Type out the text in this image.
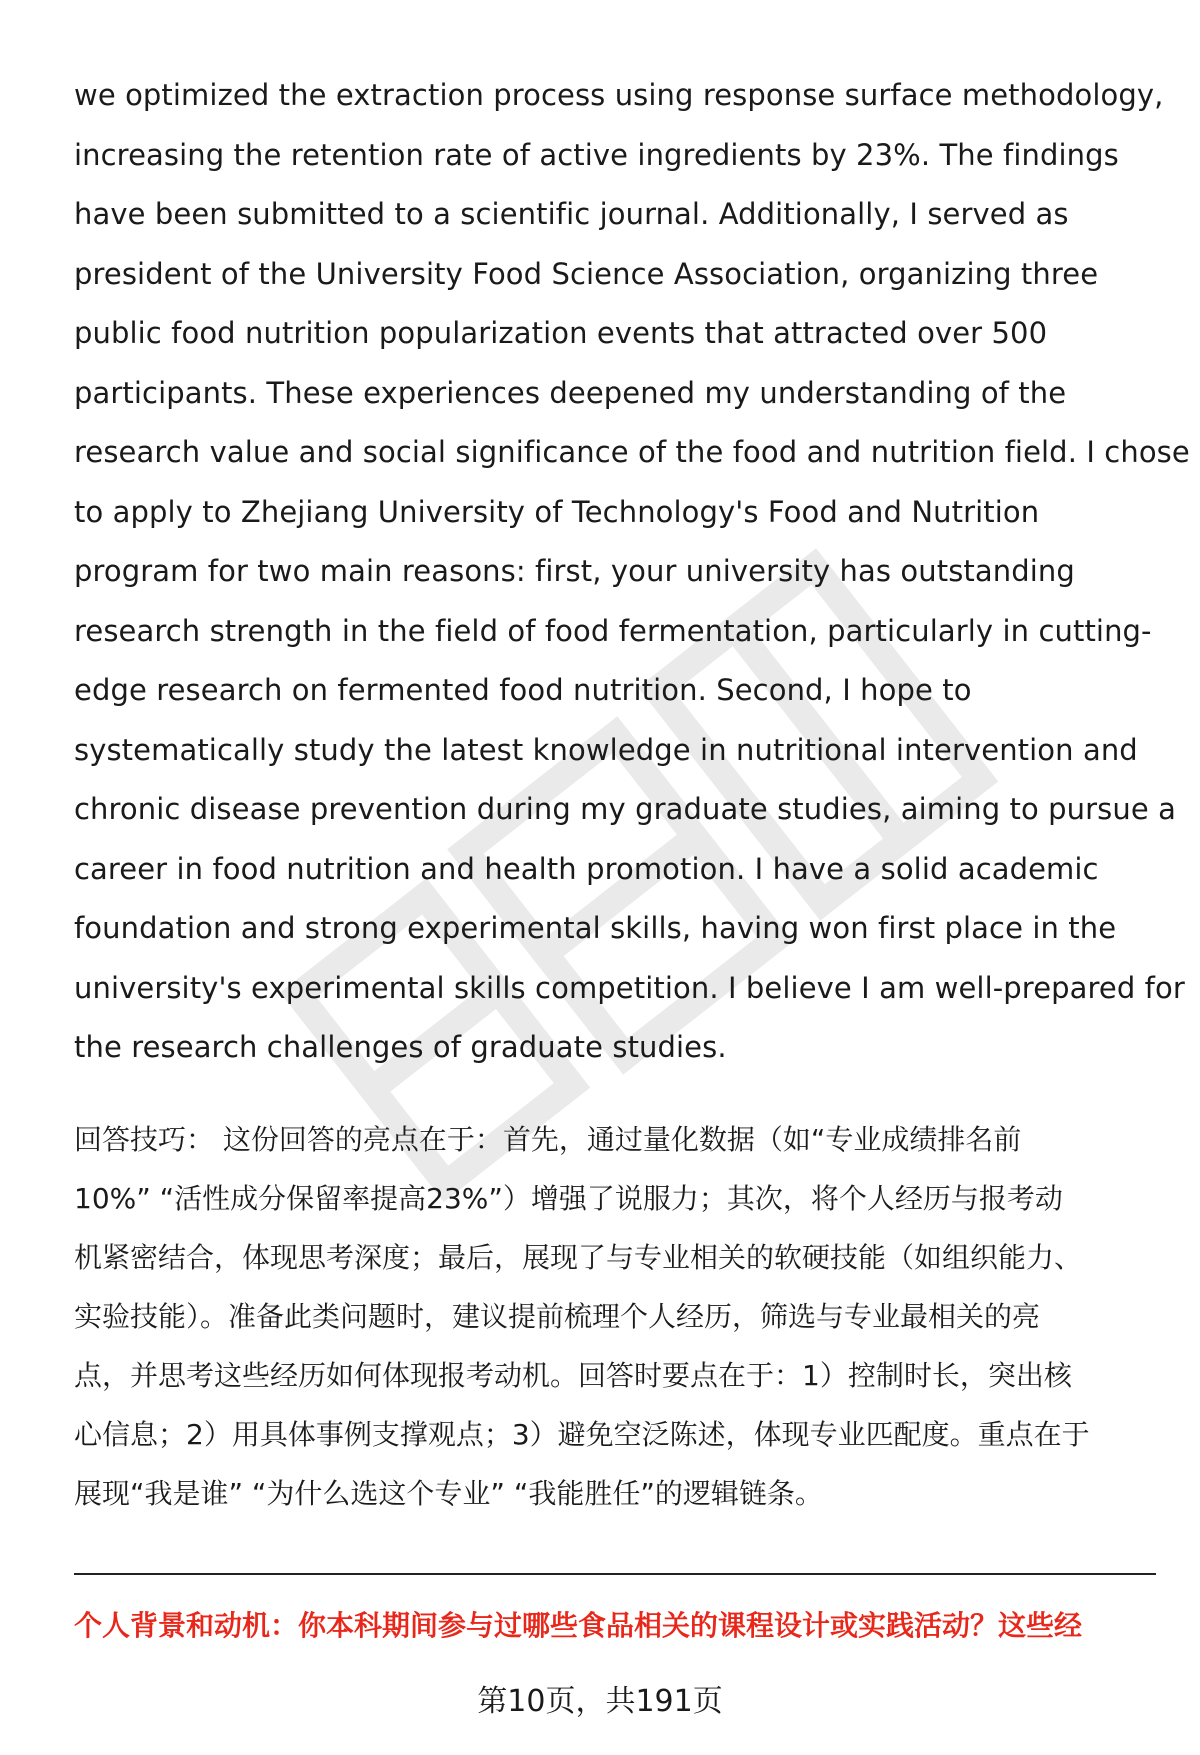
we optimized the extraction process using response surface methodology,
increasing the retention rate of active ingredients by 23%. The findings
have been submitted to a scientific journal. Additionally, I served as
president of the University Food Science Association, organizing three
public food nutrition popularization events that attracted over 500
participants. These experiences deepened my understanding of the
research value and social significance of the food and nutrition field. I chose
to apply to Zhejiang University of Technology's Food and Nutrition
program for two main reasons: first, your university has outstanding
research strength in the field of food fermentation, particularly in cutting-
edge research on fermented food nutrition. Second, I hope to
systematically study the latest knowledge in nutritional intervention and
chronic disease prevention during my graduate studies, aiming to pursue a
career in food nutrition and health promotion. I have a solid academic
foundation and strong experimental skills, having won first place in the
university's experimental skills competition. I believe I am well-prepared for
the research challenges of graduate studies.
回答技巧： 这份回答的亮点在于：首先，通过量化数据（如“专业成绩排名前
10%” “活性成分保留率提高23%”）增强了说服力；其次，将个人经历与报考动
机紧密结合，体现思考深度；最后，展现了与专业相关的软硬技能（如组织能力、
实验技能）。准备此类问题时，建议提前梳理个人经历，筛选与专业最相关的亮
点，并思考这些经历如何体现报考动机。回答时要点在于：1）控制时长，突出核
心信息；2）用具体事例支撑观点；3）避免空泛陈述，体现专业匹配度。重点在于
展现“我是谁” “为什么选这个专业” “我能胜任”的逻辑链条。

个人背景和动机：你本科期间参与过哪些食品相关的课程设计或实践活动？这些经

第10页，共191页
